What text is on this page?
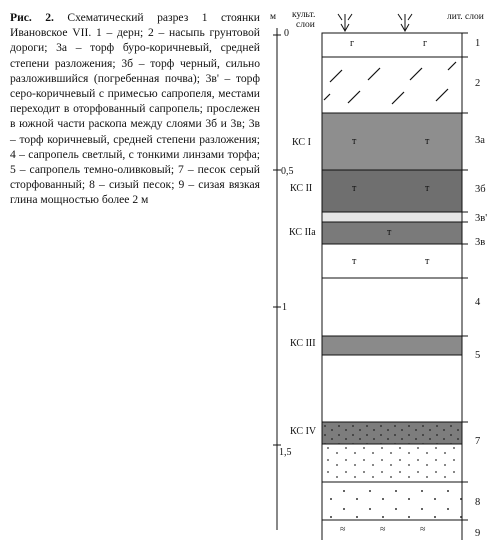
Рис. 2. Схематический разрез 1 стоянки Ивановское VII. 1 – дерн; 2 – насыпь грунтовой дороги; 3а – торф буро-коричневый, средней степени разложения; 3б – торф черный, сильно разложившийся (погребенная почва); 3в' – торф серо-коричневый с примесью сапропеля, местами переходит в оторфованный сапропель; прослежен в южной части раскопа между слоями 3б и 3в; 3в – торф коричневый, средней степени разложения; 4 – сапропель светлый, с тонкими линзами торфа; 5 – сапропель темно-оливковый; 7 – песок серый сторфованный; 8 – сизый песок; 9 – сизая вязкая глина мощностью более 2 м
м культ.
слои
лит. слои
0
0,5
1
1,5
КС I
КС II
КС IIа
КС III
КС IV
1
2
3а
3б
3в'
3в
4
5
7
8
9
г	г
т	т
т	т
т
т	т
≈	≈	≈
